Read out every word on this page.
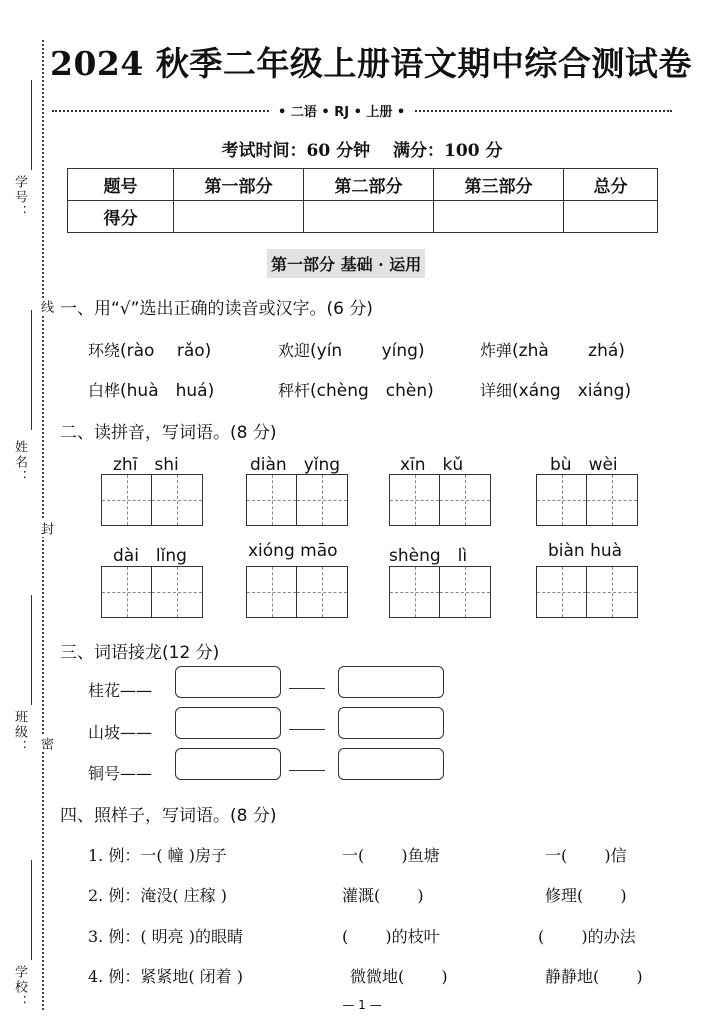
学号：
线
姓名：
封
班级： 密
学校：
2024 秋季二年级上册语文期中综合测试卷
• 二语 • RJ • 上册 •
考试时间：60 分钟　 满分：100 分
题号	第一部分	第二部分	第三部分	总分
得分				
第一部分 基础 · 运用
一、用“√”选出正确的读音或汉字。(6 分)
环绕(rào　 rǎo)	欢迎(yín　　 yíng)	炸弹(zhà　　 zhá)
白桦(huà　huá)	秤杆(chèng　chèn)	详细(xáng　xiáng)
二、读拼音，写词语。(8 分)
zhī　shi	diàn　yǐng	xīn　kǔ	bù　wèi
dài　lǐng	xióng māo	shèng　lì	biàn huà
三、词语接龙(12 分)
桂花——
山坡——
铜号——
四、照样子，写词语。(8 分)
1. 例：一( 幢 )房子	一(　　 )鱼塘	一(　　 )信
2. 例：淹没( 庄稼 )	灌溉(　　 )	修理(　　 )
3. 例：( 明亮 )的眼睛	(　　 )的枝叶	(　　 )的办法
4. 例：紧紧地( 闭着 )	微微地(　　 )	静静地(　　 )
— 1 —
